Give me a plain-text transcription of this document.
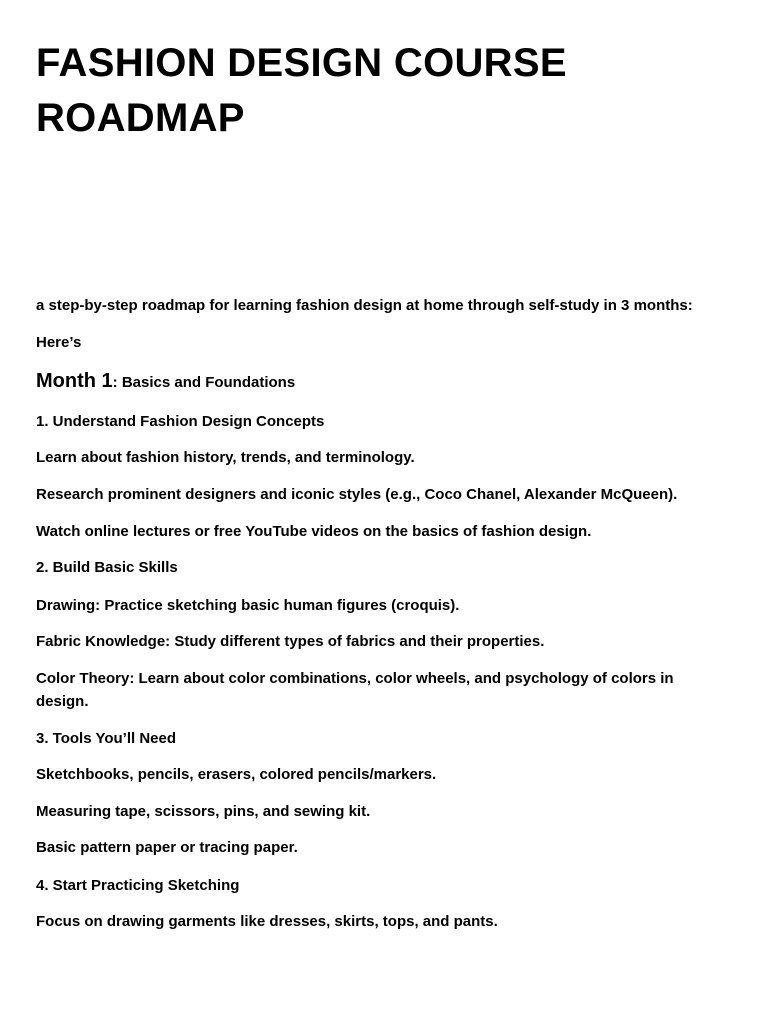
FASHION DESIGN COURSE ROADMAP

a step-by-step roadmap for learning fashion design at home through self-study in 3 months:

Here’s

Month 1: Basics and Foundations

1. Understand Fashion Design Concepts

Learn about fashion history, trends, and terminology.

Research prominent designers and iconic styles (e.g., Coco Chanel, Alexander McQueen).

Watch online lectures or free YouTube videos on the basics of fashion design.

2. Build Basic Skills

Drawing: Practice sketching basic human figures (croquis).

Fabric Knowledge: Study different types of fabrics and their properties.

Color Theory: Learn about color combinations, color wheels, and psychology of colors in design.

3. Tools You’ll Need

Sketchbooks, pencils, erasers, colored pencils/markers.

Measuring tape, scissors, pins, and sewing kit.

Basic pattern paper or tracing paper.

4. Start Practicing Sketching

Focus on drawing garments like dresses, skirts, tops, and pants.
